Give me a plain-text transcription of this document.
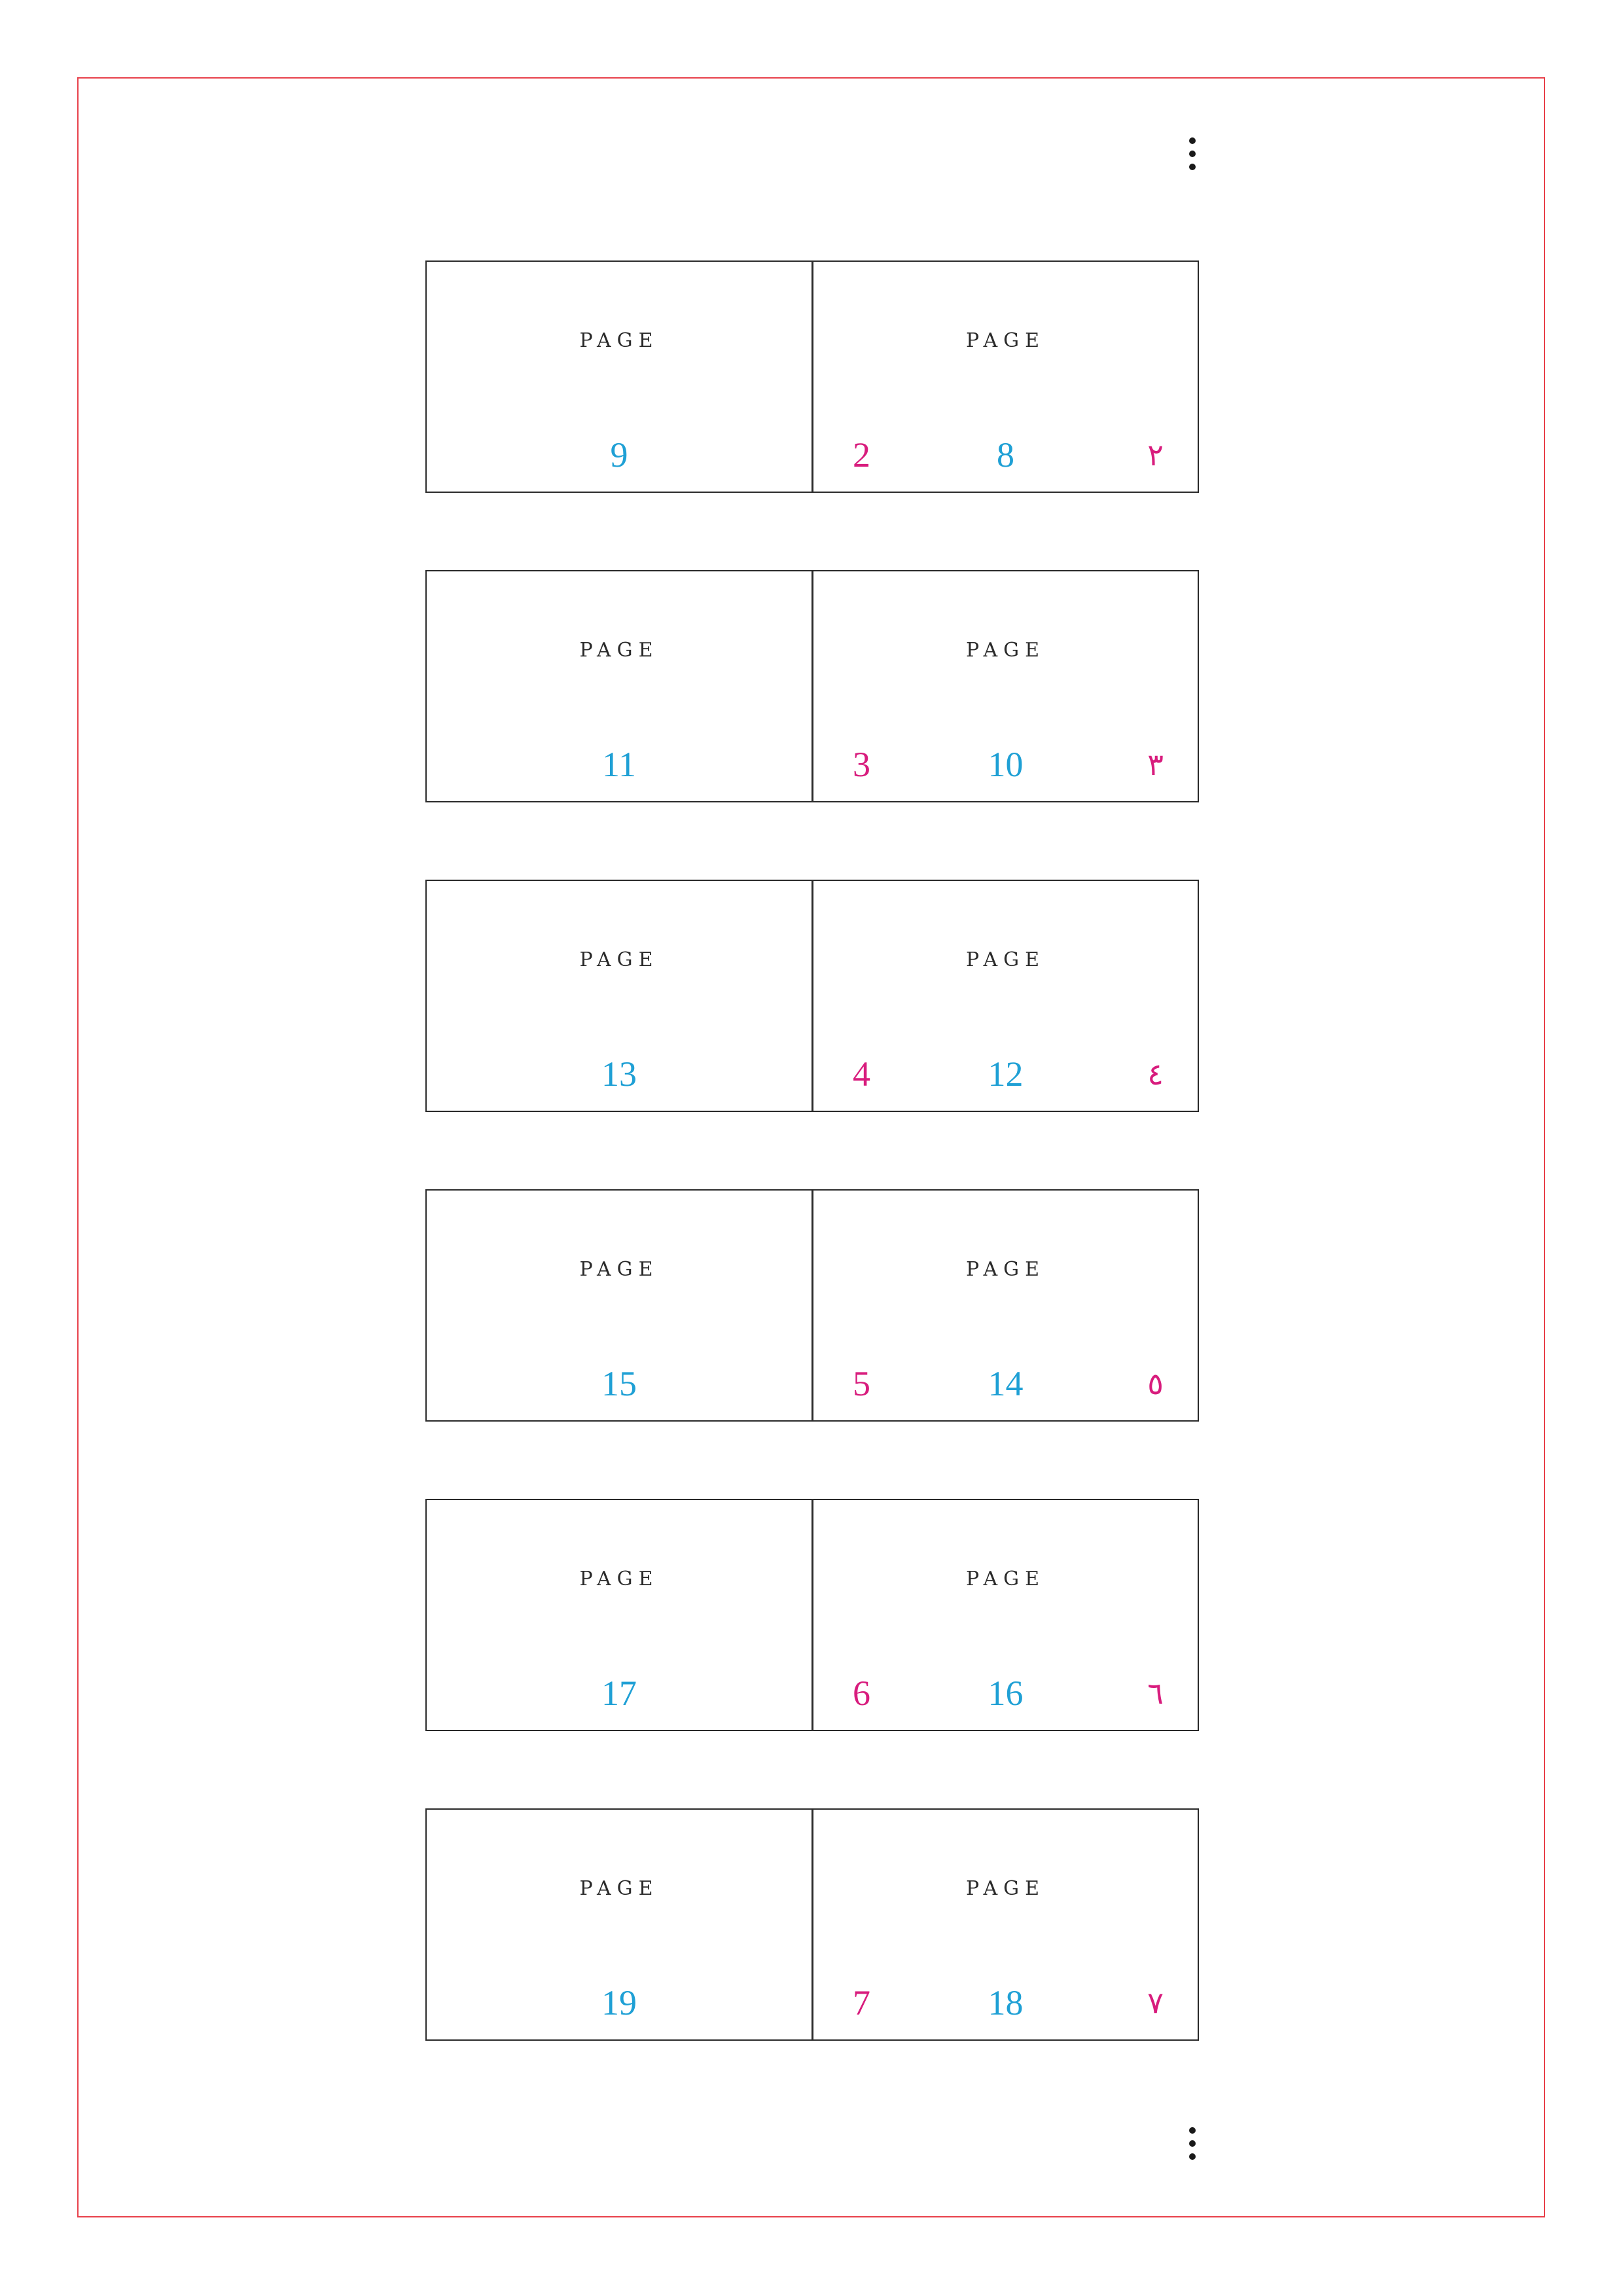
PAGE
9
PAGE
2	8	٢
PAGE
11
PAGE
3	10	٣
PAGE
13
PAGE
4	12	٤
PAGE
15
PAGE
5	14	٥
PAGE
17
PAGE
6	16	٦
PAGE
19
PAGE
7	18	٧
